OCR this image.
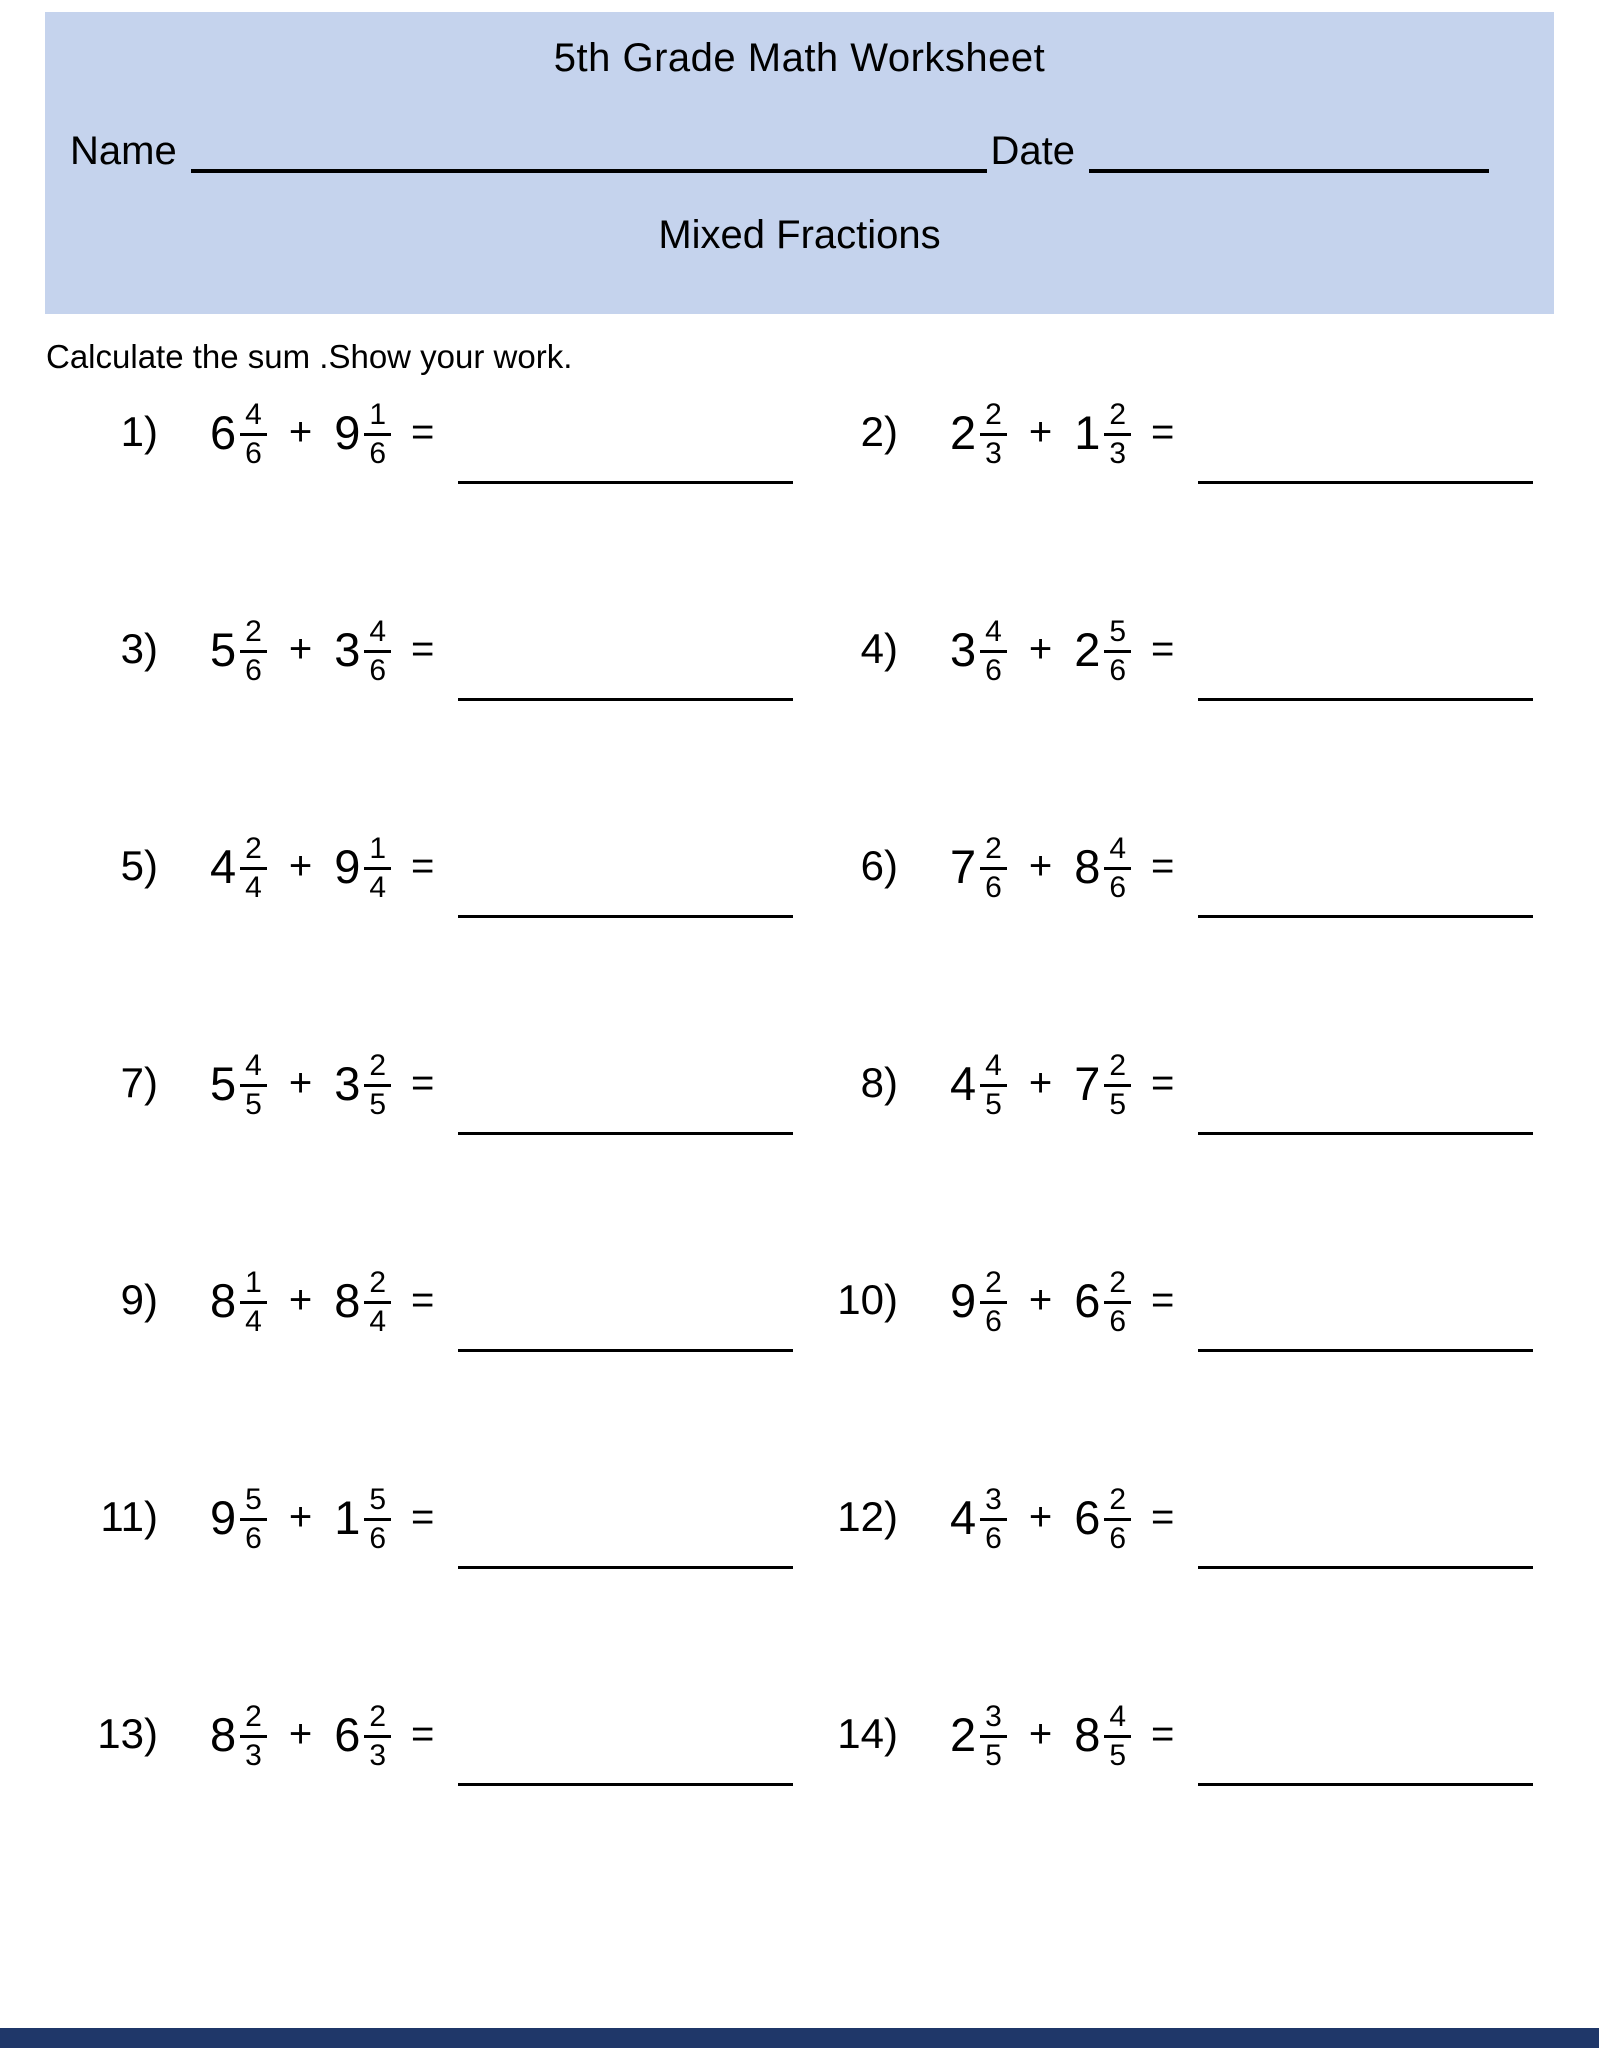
5th Grade Math Worksheet
Name	Date
Mixed Fractions
Calculate the sum .Show your work.
1) $6 \frac{4}{6} + 9 \frac{1}{6}$ =	2) $2 \frac{2}{3} + 1 \frac{2}{3}$ =
3) $5 \frac{2}{6} + 3 \frac{4}{6}$ =	4) $3 \frac{4}{6} + 2 \frac{5}{6}$ =
5) $4 \frac{2}{4} + 9 \frac{1}{4}$ =	6) $7 \frac{2}{6} + 8 \frac{4}{6}$ =
7) $5 \frac{4}{5} + 3 \frac{2}{5}$ =	8) $4 \frac{4}{5} + 7 \frac{2}{5}$ =
9) $8 \frac{1}{4} + 8 \frac{2}{4}$ =	10) $9 \frac{2}{6} + 6 \frac{2}{6}$ =
11) $9 \frac{5}{6} + 1 \frac{5}{6}$ =	12) $4 \frac{3}{6} + 6 \frac{2}{6}$ =
13) $8 \frac{2}{3} + 6 \frac{2}{3}$ =	14) $2 \frac{3}{5} + 8 \frac{4}{5}$ =
